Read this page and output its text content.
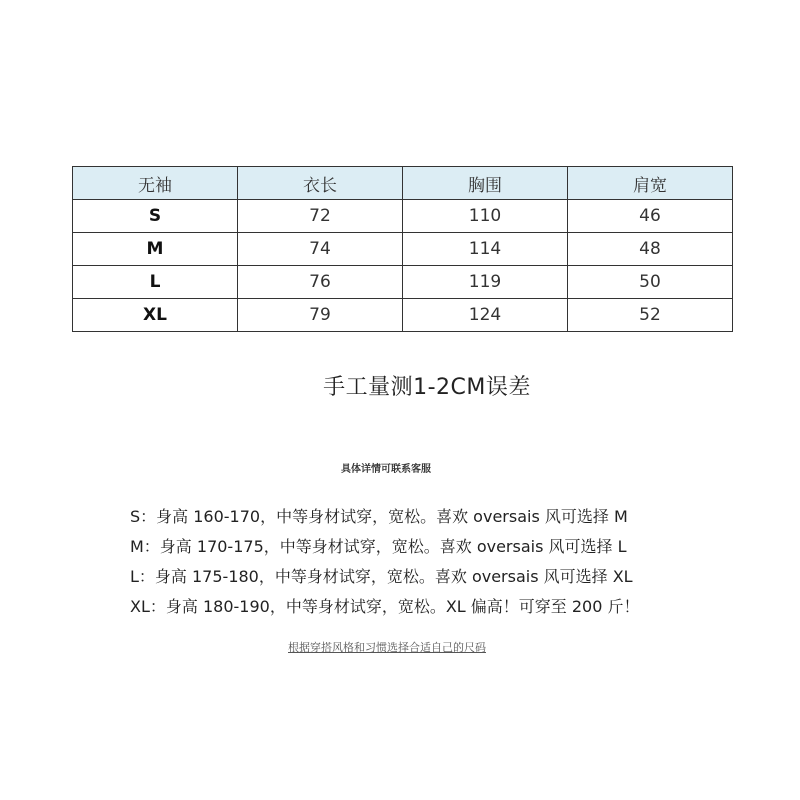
无袖	衣长	胸围	肩宽
S	72	110	46
M	74	114	48
L	76	119	50
XL	79	124	52
手工量测1-2CM误差
具体详情可联系客服
S：身高 160-170，中等身材试穿，宽松。喜欢 oversais 风可选择 M
M：身高 170-175，中等身材试穿，宽松。喜欢 oversais 风可选择 L
L：身高 175-180，中等身材试穿，宽松。喜欢 oversais 风可选择 XL
XL：身高 180-190，中等身材试穿，宽松。XL 偏高！可穿至 200 斤！
根据穿搭风格和习惯选择合适自己的尺码
